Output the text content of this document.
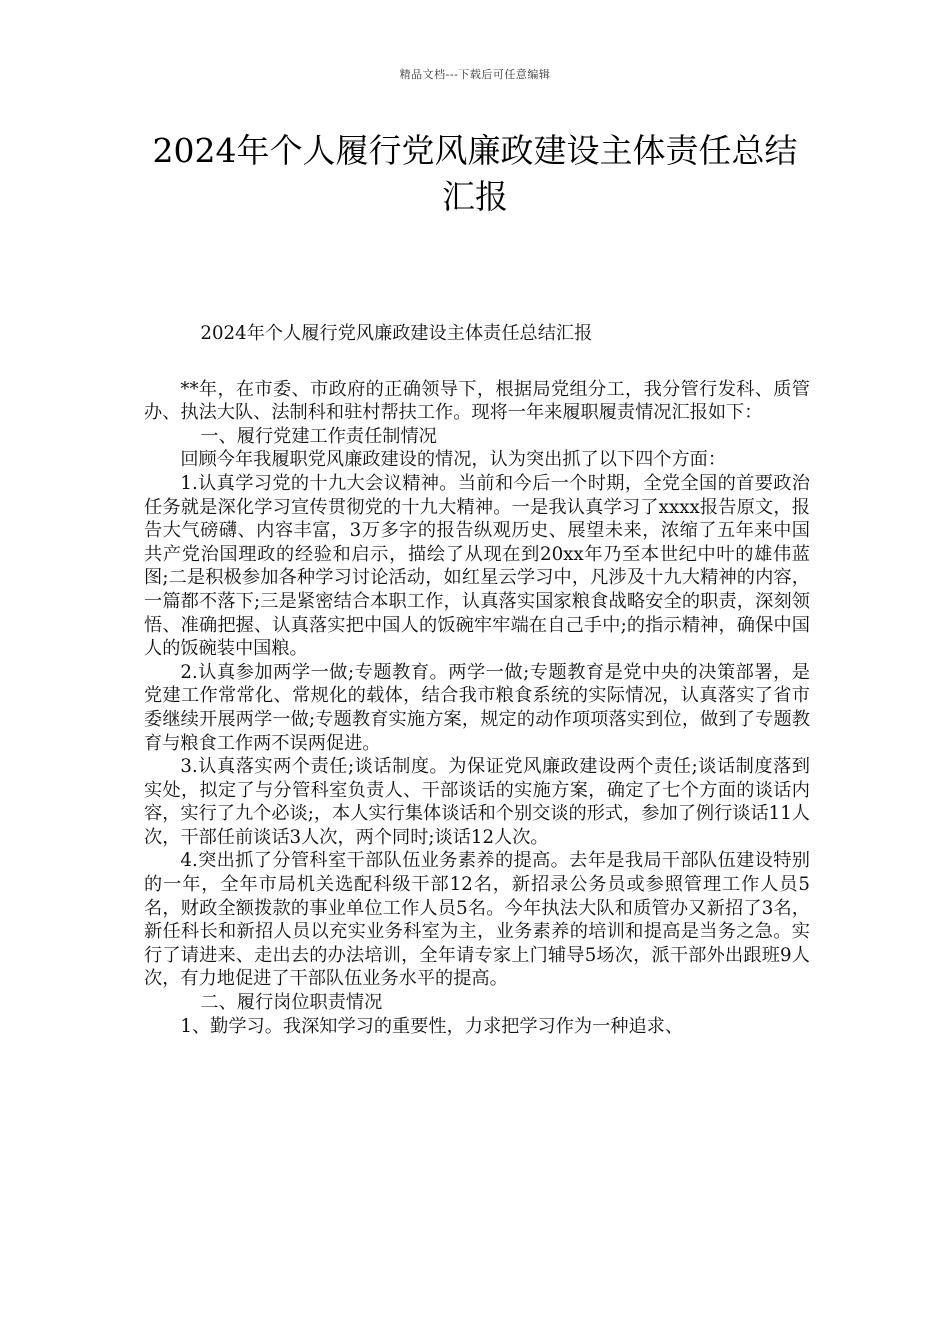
精品文档---下载后可任意编辑
2024年个人履行党风廉政建设主体责任总结汇报

2024年个人履行党风廉政建设主体责任总结汇报

**年，在市委、市政府的正确领导下，根据局党组分工，我分管行发科、质管办、执法大队、法制科和驻村帮扶工作。现将一年来履职履责情况汇报如下：

一、履行党建工作责任制情况

回顾今年我履职党风廉政建设的情况，认为突出抓了以下四个方面：

1.认真学习党的十九大会议精神。当前和今后一个时期，全党全国的首要政治任务就是深化学习宣传贯彻党的十九大精神。一是我认真学习了xxxx报告原文，报告大气磅礴、内容丰富，3万多字的报告纵观历史、展望未来，浓缩了五年来中国共产党治国理政的经验和启示，描绘了从现在到20xx年乃至本世纪中叶的雄伟蓝图;二是积极参加各种学习讨论活动，如红星云学习中，凡涉及十九大精神的内容，一篇都不落下;三是紧密结合本职工作，认真落实国家粮食战略安全的职责，深刻领悟、准确把握、认真落实把中国人的饭碗牢牢端在自己手中;的指示精神，确保中国人的饭碗装中国粮。

2.认真参加两学一做;专题教育。两学一做;专题教育是党中央的决策部署，是党建工作常常化、常规化的载体，结合我市粮食系统的实际情况，认真落实了省市委继续开展两学一做;专题教育实施方案，规定的动作项项落实到位，做到了专题教育与粮食工作两不误两促进。

3.认真落实两个责任;谈话制度。为保证党风廉政建设两个责任;谈话制度落到实处，拟定了与分管科室负责人、干部谈话的实施方案，确定了七个方面的谈话内容，实行了九个必谈;，本人实行集体谈话和个别交谈的形式，参加了例行谈话11人次，干部任前谈话3人次，两个同时;谈话12人次。

4.突出抓了分管科室干部队伍业务素养的提高。去年是我局干部队伍建设特别的一年，全年市局机关选配科级干部12名，新招录公务员或参照管理工作人员5名，财政全额拨款的事业单位工作人员5名。今年执法大队和质管办又新招了3名，新任科长和新招人员以充实业务科室为主，业务素养的培训和提高是当务之急。实行了请进来、走出去的办法培训，全年请专家上门辅导5场次，派干部外出跟班9人次，有力地促进了干部队伍业务水平的提高。

二、履行岗位职责情况

1、勤学习。我深知学习的重要性，力求把学习作为一种追求、
